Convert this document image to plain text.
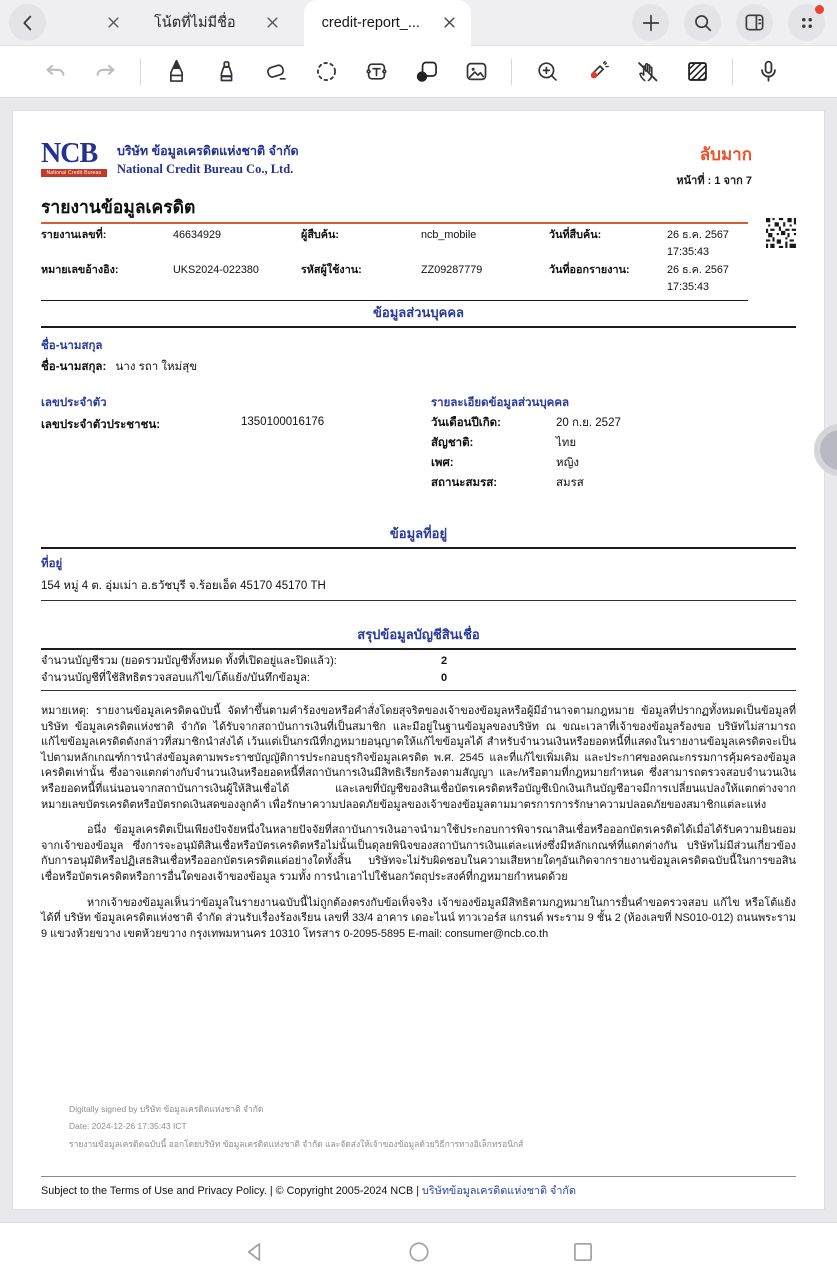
โน้ตที่ไม่มีชื่อ	credit-report_...
NCB
National Credit Bureau
บริษัท ข้อมูลเครดิตแห่งชาติ จำกัด
National Credit Bureau Co., Ltd.
ลับมาก
หน้าที่ : 1 จาก 7
รายงานข้อมูลเครดิต
รายงานเลขที่:	46634929	ผู้สืบค้น:	ncb_mobile	วันที่สืบค้น:	26 ธ.ค. 2567 17:35:43
หมายเลขอ้างอิง:	UKS2024-022380	รหัสผู้ใช้งาน:	ZZ09287779	วันที่ออกรายงาน:	26 ธ.ค. 2567 17:35:43
ข้อมูลส่วนบุคคล
ชื่อ-นามสกุล
ชื่อ-นามสกุล: นาง รถา ใหม่สุข
เลขประจำตัว
เลขประจำตัวประชาชน:	1350100016176
รายละเอียดข้อมูลส่วนบุคคล
วันเดือนปีเกิด:	20 ก.ย. 2527
สัญชาติ:	ไทย
เพศ:	หญิง
สถานะสมรส:	สมรส
ข้อมูลที่อยู่
ที่อยู่
154 หมู่ 4 ต. อุ่มเม่า อ.ธวัชบุรี จ.ร้อยเอ็ด 45170 45170 TH
สรุปข้อมูลบัญชีสินเชื่อ
จำนวนบัญชีรวม (ยอดรวมบัญชีทั้งหมด ทั้งที่เปิดอยู่และปิดแล้ว):	2
จำนวนบัญชีที่ใช้สิทธิตรวจสอบแก้ไข/โต้แย้ง/บันทึกข้อมูล:	0

หมายเหตุ: รายงานข้อมูลเครดิตฉบับนี้ จัดทำขึ้นตามคำร้องขอหรือคำสั่งโดยสุจริตของเจ้าของข้อมูลหรือผู้มีอำนาจตามกฎหมาย ข้อมูลที่ปรากฏทั้งหมดเป็นข้อมูลที่บริษัท ข้อมูลเครดิตแห่งชาติ จำกัด ได้รับจากสถาบันการเงินที่เป็นสมาชิก และมีอยู่ในฐานข้อมูลของบริษัท ณ ขณะเวลาที่เจ้าของข้อมูลร้องขอ บริษัทไม่สามารถแก้ไขข้อมูลเครดิตดังกล่าวที่สมาชิกนำส่งได้ เว้นแต่เป็นกรณีที่กฎหมายอนุญาตให้แก้ไขข้อมูลได้ สำหรับจำนวนเงินหรือยอดหนี้ที่แสดงในรายงานข้อมูลเครดิตจะเป็นไปตามหลักเกณฑ์การนำส่งข้อมูลตามพระราชบัญญัติการประกอบธุรกิจข้อมูลเครดิต พ.ศ. 2545 และที่แก้ไขเพิ่มเติม และประกาศของคณะกรรมการคุ้มครองข้อมูลเครดิตเท่านั้น ซึ่งอาจแตกต่างกับจำนวนเงินหรือยอดหนี้ที่สถาบันการเงินมีสิทธิเรียกร้องตามสัญญา และ/หรือตามที่กฎหมายกำหนด ซึ่งสามารถตรวจสอบจำนวนเงินหรือยอดหนี้ที่แน่นอนจากสถาบันการเงินผู้ให้สินเชื่อได้ และเลขที่บัญชีของสินเชื่อบัตรเครดิตหรือบัญชีเบิกเงินเกินบัญชีอาจมีการเปลี่ยนแปลงให้แตกต่างจากหมายเลขบัตรเครดิตหรือบัตรกดเงินสดของลูกค้า เพื่อรักษาความปลอดภัยข้อมูลของเจ้าของข้อมูลตามมาตรการการรักษาความปลอดภัยของสมาชิกแต่ละแห่ง

อนึ่ง ข้อมูลเครดิตเป็นเพียงปัจจัยหนึ่งในหลายปัจจัยที่สถาบันการเงินอาจนำมาใช้ประกอบการพิจารณาสินเชื่อหรือออกบัตรเครดิตได้เมื่อได้รับความยินยอมจากเจ้าของข้อมูล ซึ่งการจะอนุมัติสินเชื่อหรือบัตรเครดิตหรือไม่นั้นเป็นดุลยพินิจของสถาบันการเงินแต่ละแห่งซึ่งมีหลักเกณฑ์ที่แตกต่างกัน บริษัทไม่มีส่วนเกี่ยวข้องกับการอนุมัติหรือปฏิเสธสินเชื่อหรือออกบัตรเครดิตแต่อย่างใดทั้งสิ้น บริษัทจะไม่รับผิดชอบในความเสียหายใดๆอันเกิดจากรายงานข้อมูลเครดิตฉบับนี้ในการขอสินเชื่อหรือบัตรเครดิตหรือการอื่นใดของเจ้าของข้อมูล รวมทั้ง การนำเอาไปใช้นอกวัตถุประสงค์ที่กฎหมายกำหนดด้วย

หากเจ้าของข้อมูลเห็นว่าข้อมูลในรายงานฉบับนี้ไม่ถูกต้องตรงกับข้อเท็จจริง เจ้าของข้อมูลมีสิทธิตามกฎหมายในการยื่นคำขอตรวจสอบ แก้ไข หรือโต้แย้งได้ที่ บริษัท ข้อมูลเครดิตแห่งชาติ จำกัด ส่วนรับเรื่องร้องเรียน เลขที่ 33/4 อาคาร เดอะไนน์ ทาวเวอร์ส แกรนด์ พระราม 9 ชั้น 2 (ห้องเลขที่ NS010-012) ถนนพระราม 9 แขวงห้วยขวาง เขตห้วยขวาง กรุงเทพมหานคร 10310 โทรสาร 0-2095-5895 E-mail: consumer@ncb.co.th

Digitally signed by บริษัท ข้อมูลเครดิตแห่งชาติ จำกัด
Date: 2024-12-26 17:35:43 ICT
รายงานข้อมูลเครดิตฉบับนี้ ออกโดยบริษัท ข้อมูลเครดิตแห่งชาติ จำกัด และจัดส่งให้เจ้าของข้อมูลด้วยวิธีการทางอิเล็กทรอนิกส์
Subject to the Terms of Use and Privacy Policy. | © Copyright 2005-2024 NCB | บริษัทข้อมูลเครดิตแห่งชาติ จำกัด
